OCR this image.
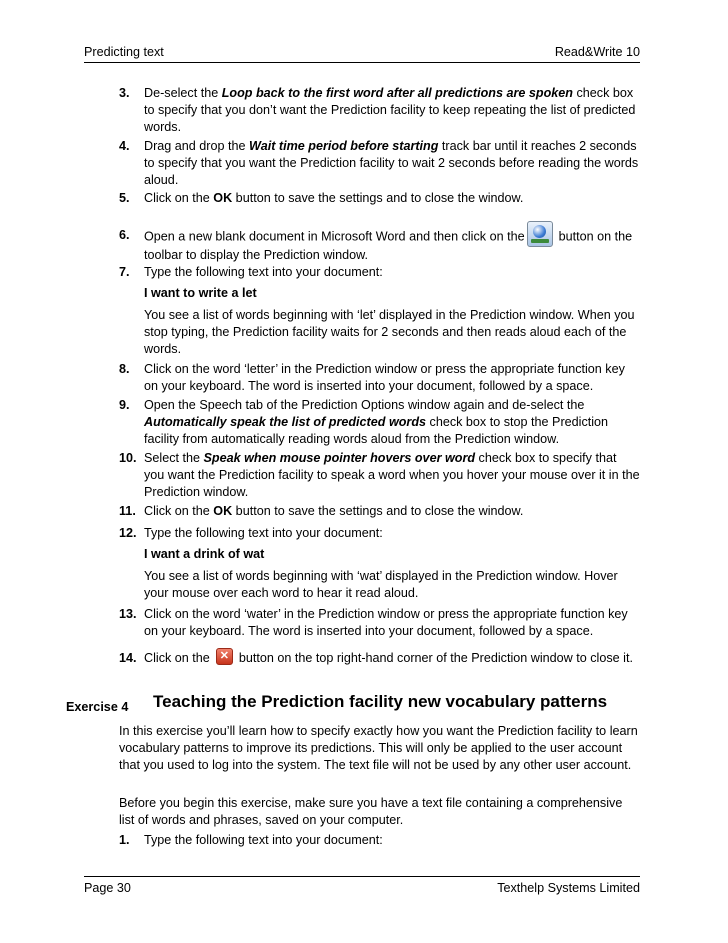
Predicting text	Read&Write 10
3. De-select the Loop back to the first word after all predictions are spoken check box to specify that you don’t want the Prediction facility to keep repeating the list of predicted words.
4. Drag and drop the Wait time period before starting track bar until it reaches 2 seconds to specify that you want the Prediction facility to wait 2 seconds before reading the words aloud.
5. Click on the OK button to save the settings and to close the window.
6. Open a new blank document in Microsoft Word and then click on the	button on the toolbar to display the Prediction window.
7. Type the following text into your document:
I want to write a let
You see a list of words beginning with ‘let’ displayed in the Prediction window. When you stop typing, the Prediction facility waits for 2 seconds and then reads aloud each of the words.
8. Click on the word ‘letter’ in the Prediction window or press the appropriate function key on your keyboard. The word is inserted into your document, followed by a space.
9. Open the Speech tab of the Prediction Options window again and de-select the Automatically speak the list of predicted words check box to stop the Prediction facility from automatically reading words aloud from the Prediction window.
10. Select the Speak when mouse pointer hovers over word check box to specify that you want the Prediction facility to speak a word when you hover your mouse over it in the Prediction window.
11. Click on the OK button to save the settings and to close the window.
12. Type the following text into your document:
I want a drink of wat
You see a list of words beginning with ‘wat’ displayed in the Prediction window. Hover your mouse over each word to hear it read aloud.
13. Click on the word ‘water’ in the Prediction window or press the appropriate function key on your keyboard. The word is inserted into your document, followed by a space.
14. Click on the ✕ button on the top right-hand corner of the Prediction window to close it.
Exercise 4 Teaching the Prediction facility new vocabulary patterns
In this exercise you’ll learn how to specify exactly how you want the Prediction facility to learn vocabulary patterns to improve its predictions. This will only be applied to the user account that you used to log into the system. The text file will not be used by any other user account.
Before you begin this exercise, make sure you have a text file containing a comprehensive list of words and phrases, saved on your computer.
1. Type the following text into your document:
Page 30	Texthelp Systems Limited
